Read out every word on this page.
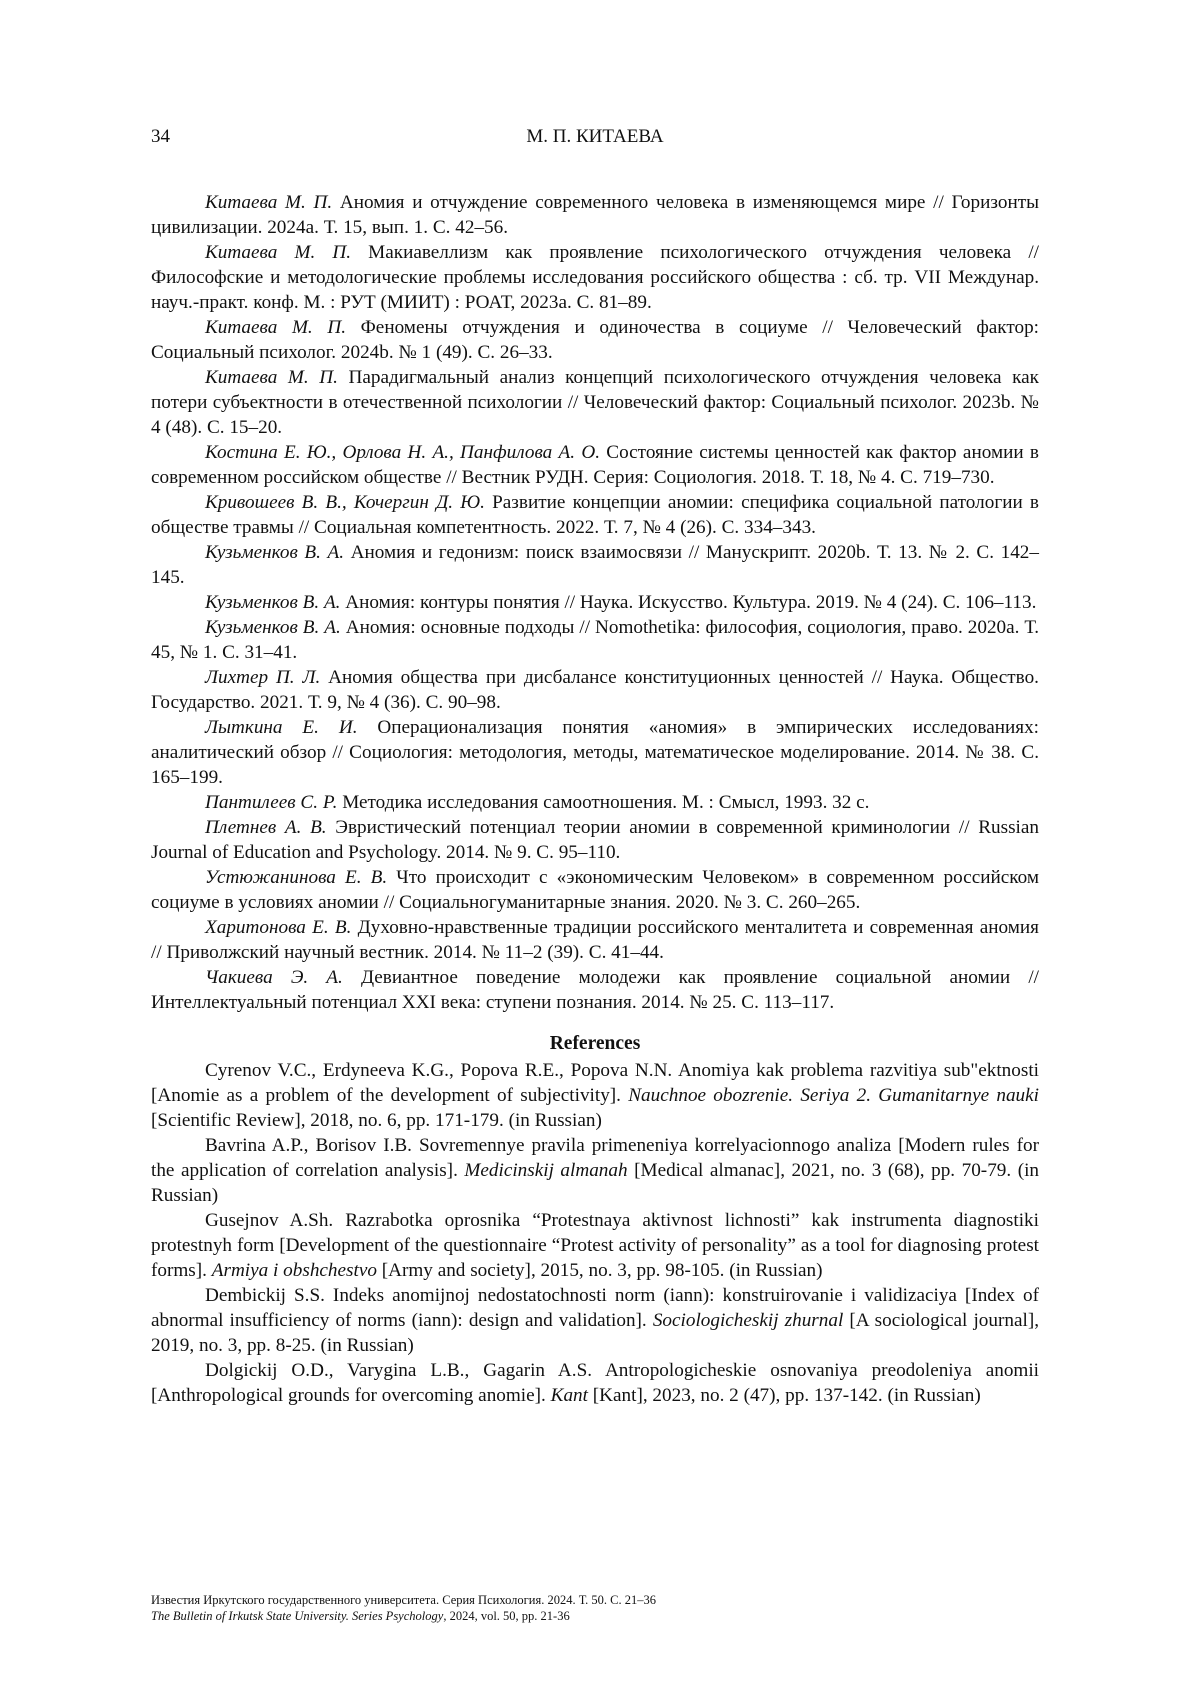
34	М. П. КИТАЕВА

Китаева М. П. Аномия и отчуждение современного человека в изменяющемся мире // Горизонты цивилизации. 2024a. Т. 15, вып. 1. С. 42–56.

Китаева М. П. Макиавеллизм как проявление психологического отчуждения человека // Философские и методологические проблемы исследования российского общества : сб. тр. VII Междунар. науч.-практ. конф. М. : РУТ (МИИТ) : РОАТ, 2023a. С. 81–89.

Китаева М. П. Феномены отчуждения и одиночества в социуме // Человеческий фактор: Социальный психолог. 2024b. № 1 (49). С. 26–33.

Китаева М. П. Парадигмальный анализ концепций психологического отчуждения человека как потери субъектности в отечественной психологии // Человеческий фактор: Социальный психолог. 2023b. № 4 (48). С. 15–20.

Костина Е. Ю., Орлова Н. А., Панфилова А. О. Состояние системы ценностей как фактор аномии в современном российском обществе // Вестник РУДН. Серия: Социология. 2018. Т. 18, № 4. С. 719–730.

Кривошеев В. В., Кочергин Д. Ю. Развитие концепции аномии: специфика социальной патологии в обществе травмы // Социальная компетентность. 2022. Т. 7, № 4 (26). С. 334–343.

Кузьменков В. А. Аномия и гедонизм: поиск взаимосвязи // Манускрипт. 2020b. Т. 13. № 2. С. 142–145.

Кузьменков В. А. Аномия: контуры понятия // Наука. Искусство. Культура. 2019. № 4 (24). С. 106–113.

Кузьменков В. А. Аномия: основные подходы // Nomothetika: философия, социология, право. 2020a. Т. 45, № 1. С. 31–41.

Лихтер П. Л. Аномия общества при дисбалансе конституционных ценностей // Наука. Общество. Государство. 2021. Т. 9, № 4 (36). С. 90–98.

Лыткина Е. И. Операционализация понятия «аномия» в эмпирических исследованиях: аналитический обзор // Социология: методология, методы, математическое моделирование. 2014. № 38. С. 165–199.

Пантилеев С. Р. Методика исследования самоотношения. М. : Смысл, 1993. 32 с.

Плетнев А. В. Эвристический потенциал теории аномии в современной криминологии // Russian Journal of Education and Psychology. 2014. № 9. С. 95–110.

Устюжанинова Е. В. Что происходит с «экономическим Человеком» в современном российском социуме в условиях аномии // Социальногуманитарные знания. 2020. № 3. С. 260–265.

Харитонова Е. В. Духовно-нравственные традиции российского менталитета и современная аномия // Приволжский научный вестник. 2014. № 11–2 (39). С. 41–44.

Чакиева Э. А. Девиантное поведение молодежи как проявление социальной аномии // Интеллектуальный потенциал XXI века: ступени познания. 2014. № 25. С. 113–117.

References

Cyrenov V.C., Erdyneeva K.G., Popova R.E., Popova N.N. Anomiya kak problema razvitiya sub"ektnosti [Anomie as a problem of the development of subjectivity]. Nauchnoe obozrenie. Seriya 2. Gumanitarnye nauki [Scientific Review], 2018, no. 6, pp. 171-179. (in Russian)

Bavrina A.P., Borisov I.B. Sovremennye pravila primeneniya korrelyacionnogo analiza [Modern rules for the application of correlation analysis]. Medicinskij almanah [Medical almanac], 2021, no. 3 (68), pp. 70-79. (in Russian)

Gusejnov A.Sh. Razrabotka oprosnika “Protestnaya aktivnost lichnosti” kak instrumenta diagnostiki protestnyh form [Development of the questionnaire “Protest activity of personality” as a tool for diagnosing protest forms]. Armiya i obshchestvo [Army and society], 2015, no. 3, pp. 98-105. (in Russian)

Dembickij S.S. Indeks anomijnoj nedostatochnosti norm (iann): konstruirovanie i validizaciya [Index of abnormal insufficiency of norms (iann): design and validation]. Sociologicheskij zhurnal [A sociological journal], 2019, no. 3, pp. 8-25. (in Russian)

Dolgickij O.D., Varygina L.B., Gagarin A.S. Antropologicheskie osnovaniya preodoleniya anomii [Anthropological grounds for overcoming anomie]. Kant [Kant], 2023, no. 2 (47), pp. 137-142. (in Russian)

Известия Иркутского государственного университета. Серия Психология. 2024. Т. 50. С. 21–36
The Bulletin of Irkutsk State University. Series Psychology, 2024, vol. 50, pp. 21-36
